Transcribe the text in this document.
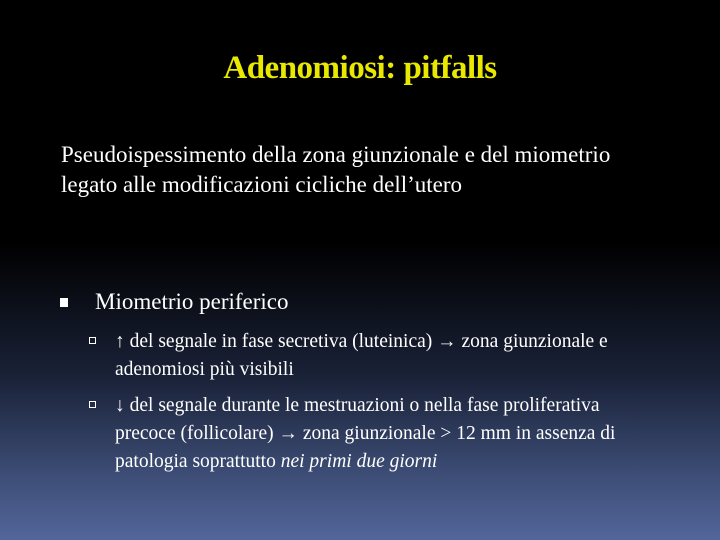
Adenomiosi: pitfalls
Pseudoispessimento della zona giunzionale e del miometrio legato alle modificazioni cicliche dell’utero
Miometrio periferico
↑ del segnale in fase secretiva (luteinica) → zona giunzionale e adenomiosi più visibili
↓ del segnale durante le mestruazioni o nella fase proliferativa precoce (follicolare) → zona giunzionale > 12 mm in assenza di patologia soprattutto nei primi due giorni
